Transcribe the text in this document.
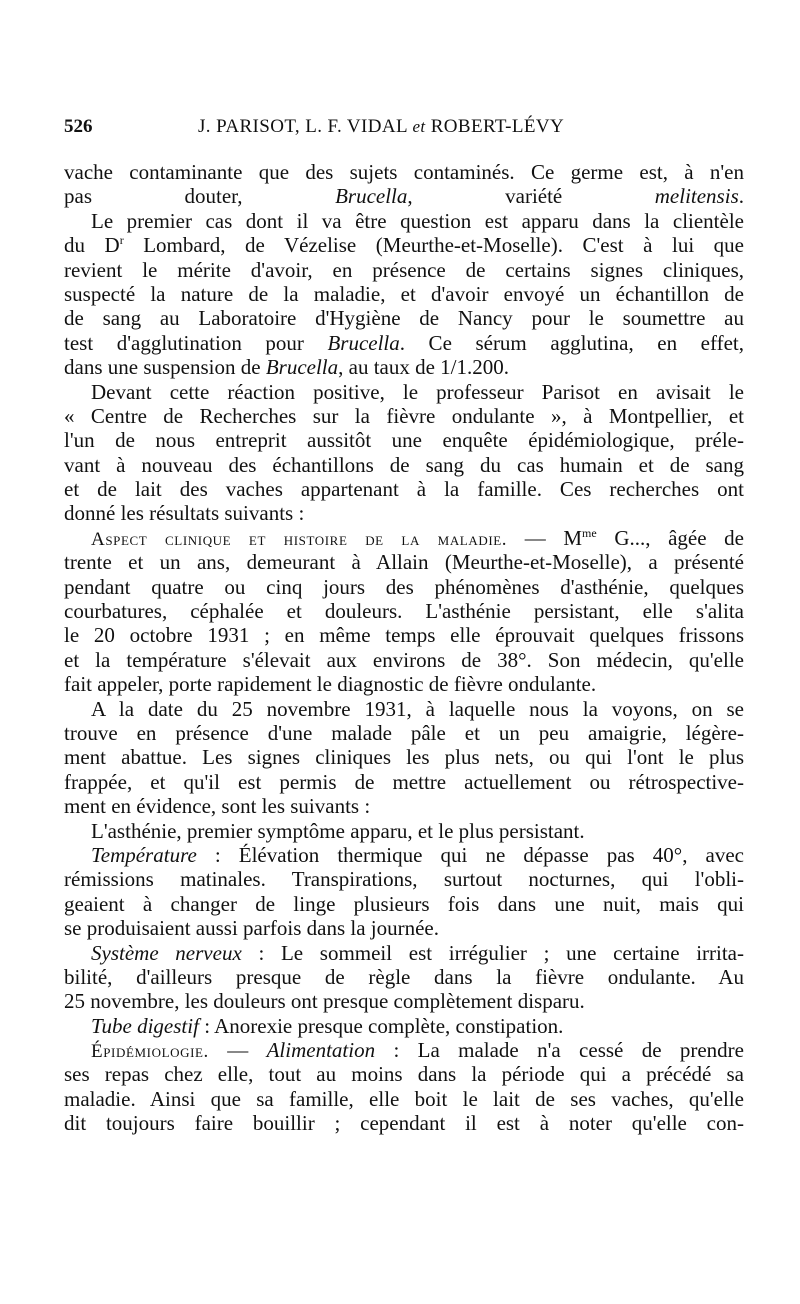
526	J. PARISOT, L. F. VIDAL et ROBERT-LÉVY
vache contaminante que des sujets contaminés. Ce germe est, à n'en
pas douter, Brucella, variété melitensis.
Le premier cas dont il va être question est apparu dans la clientèle
du $D^r$ Lombard, de Vézelise (Meurthe-et-Moselle). C'est à lui que
revient le mérite d'avoir, en présence de certains signes cliniques,
suspecté la nature de la maladie, et d'avoir envoyé un échantillon de
de sang au Laboratoire d'Hygiène de Nancy pour le soumettre au
test d'agglutination pour Brucella. Ce sérum agglutina, en effet,
dans une suspension de Brucella, au taux de 1/1.200.
Devant cette réaction positive, le professeur Parisot en avisait le
« Centre de Recherches sur la fièvre ondulante », à Montpellier, et
l'un de nous entreprit aussitôt une enquête épidémiologique, préle-
vant à nouveau des échantillons de sang du cas humain et de sang
et de lait des vaches appartenant à la famille. Ces recherches ont
donné les résultats suivants :
Aspect clinique et histoire de la maladie. — $M^{me}$ G..., âgée de
trente et un ans, demeurant à Allain (Meurthe-et-Moselle), a présenté
pendant quatre ou cinq jours des phénomènes d'asthénie, quelques
courbatures, céphalée et douleurs. L'asthénie persistant, elle s'alita
le 20 octobre 1931 ; en même temps elle éprouvait quelques frissons
et la température s'élevait aux environs de 38°. Son médecin, qu'elle
fait appeler, porte rapidement le diagnostic de fièvre ondulante.
A la date du 25 novembre 1931, à laquelle nous la voyons, on se
trouve en présence d'une malade pâle et un peu amaigrie, légère-
ment abattue. Les signes cliniques les plus nets, ou qui l'ont le plus
frappée, et qu'il est permis de mettre actuellement ou rétrospective-
ment en évidence, sont les suivants :
L'asthénie, premier symptôme apparu, et le plus persistant.
Température : Élévation thermique qui ne dépasse pas 40°, avec
rémissions matinales. Transpirations, surtout nocturnes, qui l'obli-
geaient à changer de linge plusieurs fois dans une nuit, mais qui
se produisaient aussi parfois dans la journée.
Système nerveux : Le sommeil est irrégulier ; une certaine irrita-
bilité, d'ailleurs presque de règle dans la fièvre ondulante. Au
25 novembre, les douleurs ont presque complètement disparu.
Tube digestif : Anorexie presque complète, constipation.
Épidémiologie. — Alimentation : La malade n'a cessé de prendre
ses repas chez elle, tout au moins dans la période qui a précédé sa
maladie. Ainsi que sa famille, elle boit le lait de ses vaches, qu'elle
dit toujours faire bouillir ; cependant il est à noter qu'elle con-
